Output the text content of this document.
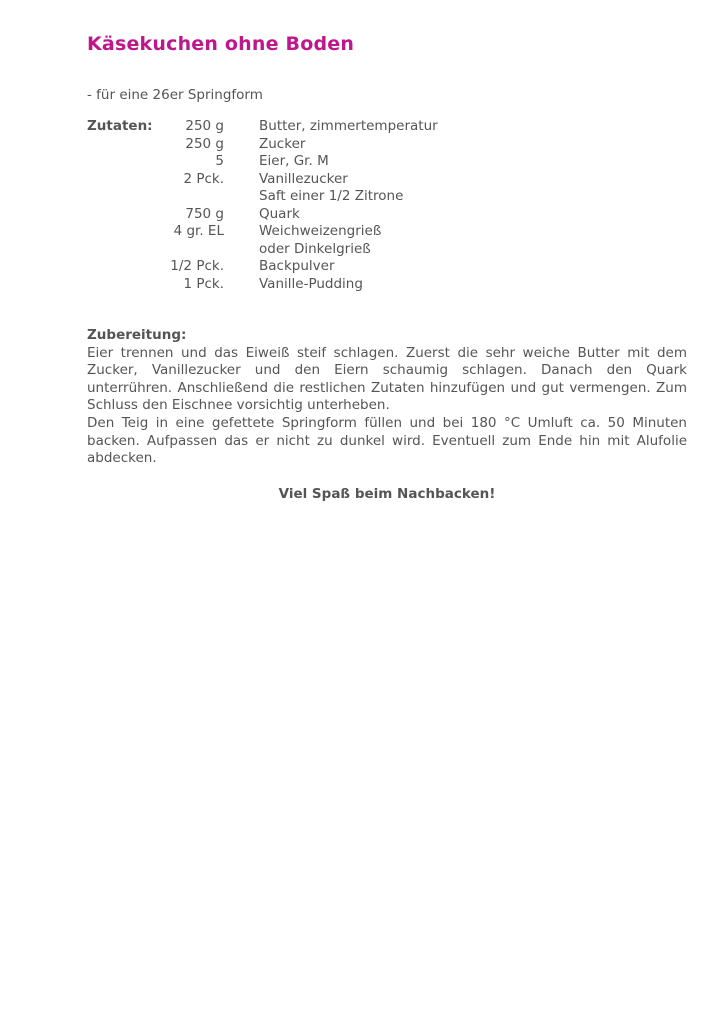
Käsekuchen ohne Boden
- für eine 26er Springform
Zutaten:	250 g	Butter, zimmertemperatur
250 g	Zucker
5	Eier, Gr. M
2 Pck.	Vanillezucker
Saft einer 1/2 Zitrone
750 g	Quark
4 gr. EL	Weichweizengrieß
oder Dinkelgrieß
1/2 Pck.	Backpulver
1 Pck.	Vanille-Pudding
Zubereitung:

Eier trennen und das Eiweiß steif schlagen. Zuerst die sehr weiche Butter mit dem Zucker, Vanillezucker und den Eiern schaumig schlagen. Danach den Quark unterrühren. Anschließend die restlichen Zutaten hinzufügen und gut vermengen. Zum Schluss den Eischnee vorsichtig unterheben.

Den Teig in eine gefettete Springform füllen und bei 180 °C Umluft ca. 50 Minuten backen. Aufpassen das er nicht zu dunkel wird. Eventuell zum Ende hin mit Alufolie abdecken.

Viel Spaß beim Nachbacken!
